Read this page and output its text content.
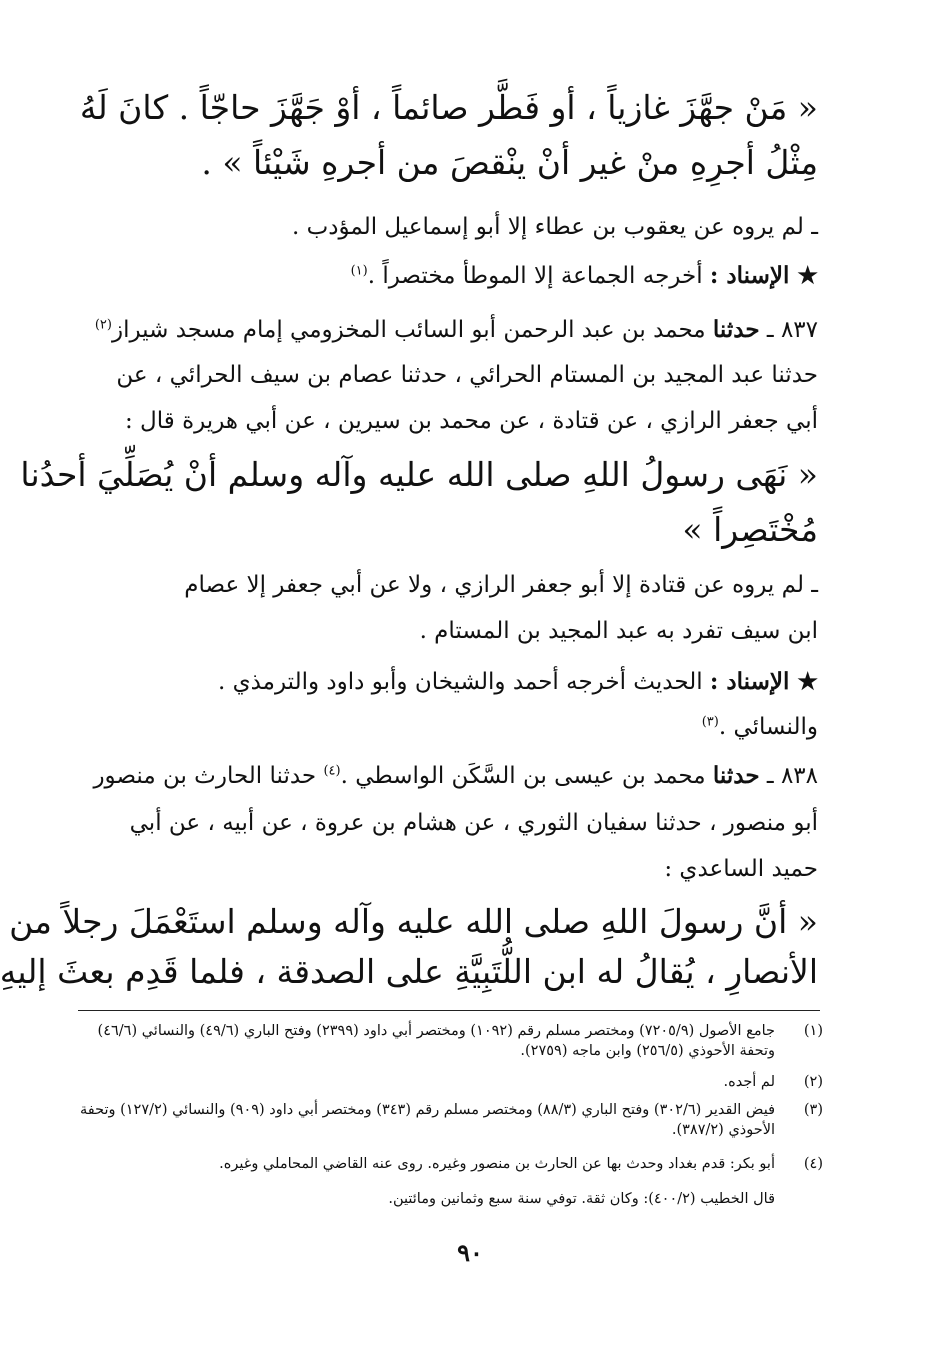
« مَنْ جهَّزَ غازياً ، أو فَطَّر صائماً ، أوْ جَهَّزَ حاجّاً . كانَ لَهُ
مِثْلُ أجرِهِ منْ غير أنْ ينْقصَ من أجرهِ شَيْئاً » .
ـ لم يروه عن يعقوب بن عطاء إلا أبو إسماعيل المؤدب .
★ الإسناد : أخرجه الجماعة إلا الموطأ مختصراً .$^{(١)}$
٨٣٧ ـ حدثنا محمد بن عبد الرحمن أبو السائب المخزومي إمام مسجد شيراز$^{(٢)}$
حدثنا عبد المجيد بن المستام الحرائي ، حدثنا عصام بن سيف الحرائي ، عن
أبي جعفر الرازي ، عن قتادة ، عن محمد بن سيرين ، عن أبي هريرة قال :
« نَهَى رسولُ اللهِ صلى الله عليه وآله وسلم أنْ يُصَلِّيَ أحدُنا
مُخْتَصِراً »
ـ لم يروه عن قتادة إلا أبو جعفر الرازي ، ولا عن أبي جعفر إلا عصام
ابن سيف تفرد به عبد المجيد بن المستام .
★ الإسناد : الحديث أخرجه أحمد والشيخان وأبو داود والترمذي .
والنسائي .$^{(٣)}$
٨٣٨ ـ حدثنا محمد بن عيسى بن السَّكَن الواسطي .$^{(٤)}$ حدثنا الحارث بن منصور
أبو منصور ، حدثنا سفيان الثوري ، عن هشام بن عروة ، عن أبيه ، عن أبي
حميد الساعدي :
« أنَّ رسولَ اللهِ صلى الله عليه وآله وسلم استَعْمَلَ رجلاً من
الأنصارِ ، يُقالُ له ابن اللُّتَبِيَّةِ على الصدقة ، فلما قَدِم بعثَ إليهِ
(١)
جامع الأصول (٧٢٠٥/٩) ومختصر مسلم رقم (١٠٩٢) ومختصر أبي داود (٢٣٩٩) وفتح الباري (٤٩/٦) والنسائي (٤٦/٦) وتحفة الأحوذي (٢٥٦/٥) وابن ماجه (٢٧٥٩).
(٢)
لم أجده.
(٣)
فيض القدير (٣٠٢/٦) وفتح الباري (٨٨/٣) ومختصر مسلم رقم (٣٤٣) ومختصر أبي داود (٩٠٩) والنسائي (١٢٧/٢) وتحفة الأحوذي (٣٨٧/٢).
(٤)
أبو بكر: قدم بغداد وحدث بها عن الحارث بن منصور وغيره. روى عنه القاضي المحاملي وغيره.
قال الخطيب (٤٠٠/٢): وكان ثقة. توفي سنة سبع وثمانين ومائتين.
٩٠
